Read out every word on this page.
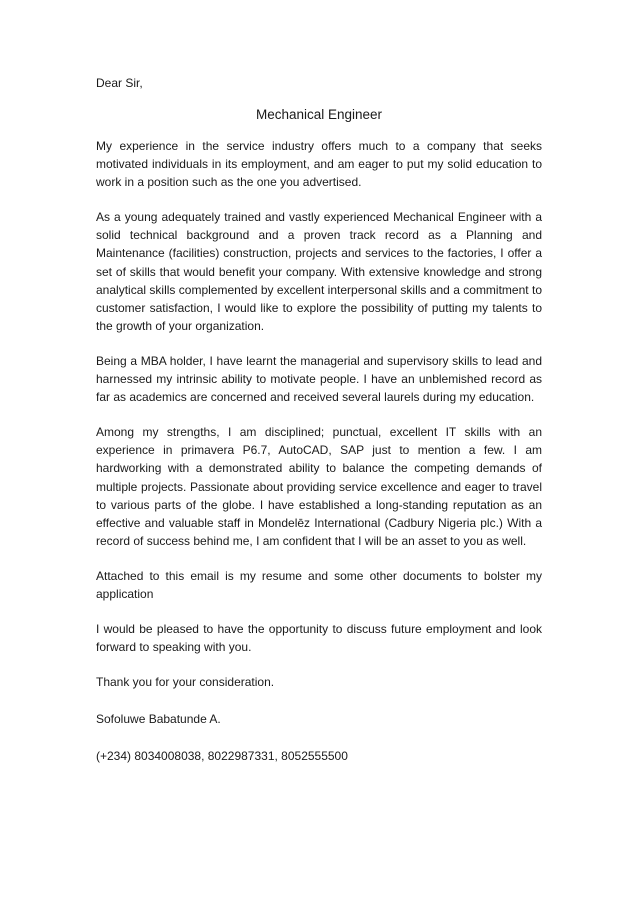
Dear Sir,

Mechanical Engineer

My experience in the service industry offers much to a company that seeks motivated individuals in its employment, and am eager to put my solid education to work in a position such as the one you advertised.

As a young adequately trained and vastly experienced Mechanical Engineer with a solid technical background and a proven track record as a Planning and Maintenance (facilities) construction, projects and services to the factories, I offer a set of skills that would benefit your company. With extensive knowledge and strong analytical skills complemented by excellent interpersonal skills and a commitment to customer satisfaction, I would like to explore the possibility of putting my talents to the growth of your organization.

Being a MBA holder, I have learnt the managerial and supervisory skills to lead and harnessed my intrinsic ability to motivate people. I have an unblemished record as far as academics are concerned and received several laurels during my education.

Among my strengths, I am disciplined; punctual, excellent IT skills with an experience in primavera P6.7, AutoCAD, SAP just to mention a few. I am hardworking with a demonstrated ability to balance the competing demands of multiple projects. Passionate about providing service excellence and eager to travel to various parts of the globe. I have established a long-standing reputation as an effective and valuable staff in Mondelēz International (Cadbury Nigeria plc.) With a record of success behind me, I am confident that I will be an asset to you as well.

Attached to this email is my resume and some other documents to bolster my application

I would be pleased to have the opportunity to discuss future employment and look forward to speaking with you.

Thank you for your consideration.

Sofoluwe Babatunde A.

(+234) 8034008038, 8022987331, 8052555500
